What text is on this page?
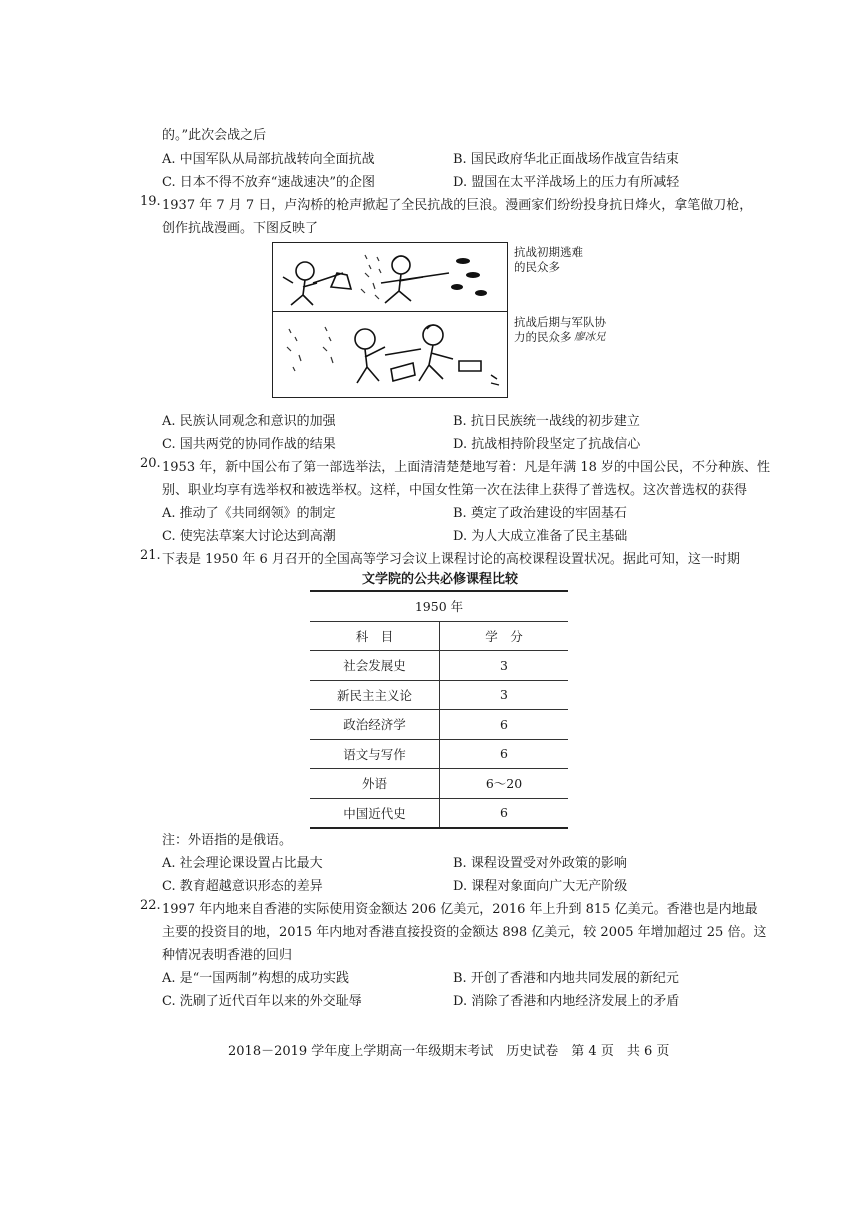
的。”此次会战之后
A. 中国军队从局部抗战转向全面抗战	B. 国民政府华北正面战场作战宣告结束
C. 日本不得不放弃“速战速决”的企图	D. 盟国在太平洋战场上的压力有所减轻
19. 1937 年 7 月 7 日，卢沟桥的枪声掀起了全民抗战的巨浪。漫画家们纷纷投身抗日烽火，拿笔做刀枪，
创作抗战漫画。下图反映了
抗战初期逃难
的民众多
抗战后期与军队协
力的民众多 廖冰兄
A. 民族认同观念和意识的加强	B. 抗日民族统一战线的初步建立
C. 国共两党的协同作战的结果	D. 抗战相持阶段坚定了抗战信心
20. 1953 年，新中国公布了第一部选举法，上面清清楚楚地写着：凡是年满 18 岁的中国公民，不分种族、性
别、职业均享有选举权和被选举权。这样，中国女性第一次在法律上获得了普选权。这次普选权的获得
A. 推动了《共同纲领》的制定	B. 奠定了政治建设的牢固基石
C. 使宪法草案大讨论达到高潮	D. 为人大成立准备了民主基础
21. 下表是 1950 年 6 月召开的全国高等学习会议上课程讨论的高校课程设置状况。据此可知，这一时期
文学院的公共必修课程比较
1950 年	
科　目	学　分
社会发展史	3
新民主主义论	3
政治经济学	6
语文与写作	6
外语	6～20
中国近代史	6
注：外语指的是俄语。
A. 社会理论课设置占比最大	B. 课程设置受对外政策的影响
C. 教育超越意识形态的差异	D. 课程对象面向广大无产阶级
22. 1997 年内地来自香港的实际使用资金额达 206 亿美元，2016 年上升到 815 亿美元。香港也是内地最
主要的投资目的地，2015 年内地对香港直接投资的金额达 898 亿美元，较 2005 年增加超过 25 倍。这
种情况表明香港的回归
A. 是“一国两制”构想的成功实践	B. 开创了香港和内地共同发展的新纪元
C. 洗刷了近代百年以来的外交耻辱	D. 消除了香港和内地经济发展上的矛盾
2018－2019 学年度上学期高一年级期末考试　历史试卷　第 4 页　共 6 页
